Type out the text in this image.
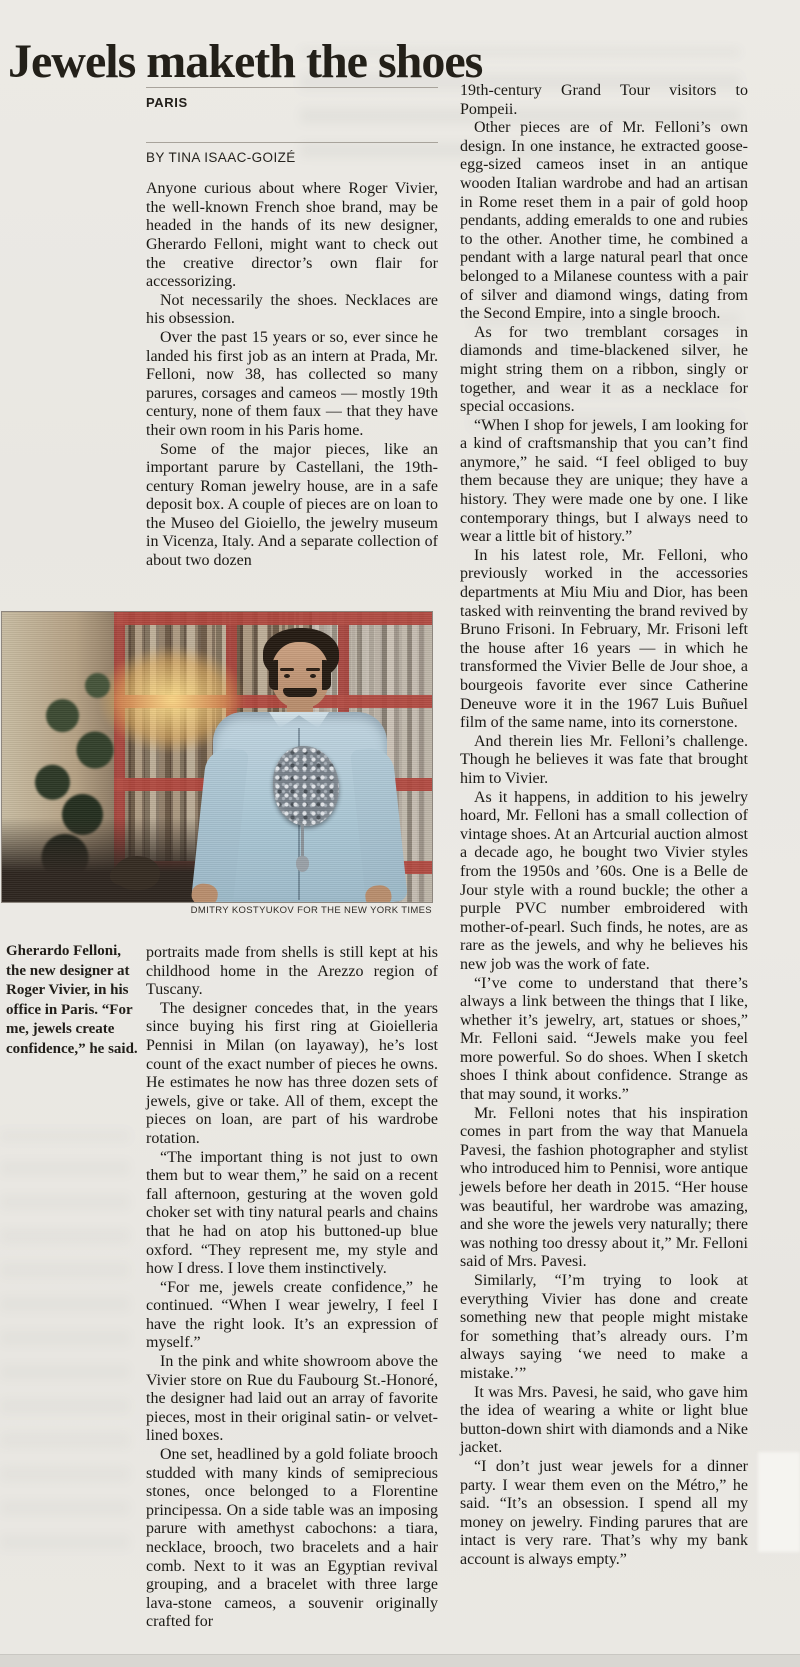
Jewels maketh the shoes
PARIS
BY TINA ISAAC-GOIZÉ

Anyone curious about where Roger Vivier, the well-known French shoe brand, may be headed in the hands of its new designer, Gherardo Felloni, might want to check out the creative director’s own flair for accessorizing.

Not necessarily the shoes. Necklaces are his obsession.

Over the past 15 years or so, ever since he landed his first job as an intern at Prada, Mr. Felloni, now 38, has collected so many parures, corsages and cameos — mostly 19th century, none of them faux — that they have their own room in his Paris home.

Some of the major pieces, like an important parure by Castellani, the 19th-century Roman jewelry house, are in a safe deposit box. A couple of pieces are on loan to the Museo del Gioiello, the jewelry museum in Vicenza, Italy. And a separate collection of about two dozen

DMITRY KOSTYUKOV FOR THE NEW YORK TIMES
Gherardo Felloni, the new designer at Roger Vivier, in his office in Paris. “For me, jewels create confidence,” he said.

portraits made from shells is still kept at his childhood home in the Arezzo region of Tuscany.

The designer concedes that, in the years since buying his first ring at Gioielleria Pennisi in Milan (on layaway), he’s lost count of the exact number of pieces he owns. He estimates he now has three dozen sets of jewels, give or take. All of them, except the pieces on loan, are part of his wardrobe rotation.

“The important thing is not just to own them but to wear them,” he said on a recent fall afternoon, gesturing at the woven gold choker set with tiny natural pearls and chains that he had on atop his buttoned-up blue oxford. “They represent me, my style and how I dress. I love them instinctively.

“For me, jewels create confidence,” he continued. “When I wear jewelry, I feel I have the right look. It’s an expression of myself.”

In the pink and white showroom above the Vivier store on Rue du Faubourg St.-Honoré, the designer had laid out an array of favorite pieces, most in their original satin- or velvet-lined boxes.

One set, headlined by a gold foliate brooch studded with many kinds of semiprecious stones, once belonged to a Florentine principessa. On a side table was an imposing parure with amethyst cabochons: a tiara, necklace, brooch, two bracelets and a hair comb. Next to it was an Egyptian revival grouping, and a bracelet with three large lava-stone cameos, a souvenir originally crafted for

19th-century Grand Tour visitors to Pompeii.

Other pieces are of Mr. Felloni’s own design. In one instance, he extracted goose-egg-sized cameos inset in an antique wooden Italian wardrobe and had an artisan in Rome reset them in a pair of gold hoop pendants, adding emeralds to one and rubies to the other. Another time, he combined a pendant with a large natural pearl that once belonged to a Milanese countess with a pair of silver and diamond wings, dating from the Second Empire, into a single brooch.

As for two tremblant corsages in diamonds and time-blackened silver, he might string them on a ribbon, singly or together, and wear it as a necklace for special occasions.

“When I shop for jewels, I am looking for a kind of craftsmanship that you can’t find anymore,” he said. “I feel obliged to buy them because they are unique; they have a history. They were made one by one. I like contemporary things, but I always need to wear a little bit of history.”

In his latest role, Mr. Felloni, who previously worked in the accessories departments at Miu Miu and Dior, has been tasked with reinventing the brand revived by Bruno Frisoni. In February, Mr. Frisoni left the house after 16 years — in which he transformed the Vivier Belle de Jour shoe, a bourgeois favorite ever since Catherine Deneuve wore it in the 1967 Luis Buñuel film of the same name, into its cornerstone.

And therein lies Mr. Felloni’s challenge. Though he believes it was fate that brought him to Vivier.

As it happens, in addition to his jewelry hoard, Mr. Felloni has a small collection of vintage shoes. At an Artcurial auction almost a decade ago, he bought two Vivier styles from the 1950s and ’60s. One is a Belle de Jour style with a round buckle; the other a purple PVC number embroidered with mother-of-pearl. Such finds, he notes, are as rare as the jewels, and why he believes his new job was the work of fate.

“I’ve come to understand that there’s always a link between the things that I like, whether it’s jewelry, art, statues or shoes,” Mr. Felloni said. “Jewels make you feel more powerful. So do shoes. When I sketch shoes I think about confidence. Strange as that may sound, it works.”

Mr. Felloni notes that his inspiration comes in part from the way that Manuela Pavesi, the fashion photographer and stylist who introduced him to Pennisi, wore antique jewels before her death in 2015. “Her house was beautiful, her wardrobe was amazing, and she wore the jewels very naturally; there was nothing too dressy about it,” Mr. Felloni said of Mrs. Pavesi.

Similarly, “I’m trying to look at everything Vivier has done and create something new that people might mistake for something that’s already ours. I’m always saying ‘we need to make a mistake.’”

It was Mrs. Pavesi, he said, who gave him the idea of wearing a white or light blue button-down shirt with diamonds and a Nike jacket.

“I don’t just wear jewels for a dinner party. I wear them even on the Métro,” he said. “It’s an obsession. I spend all my money on jewelry. Finding parures that are intact is very rare. That’s why my bank account is always empty.”
